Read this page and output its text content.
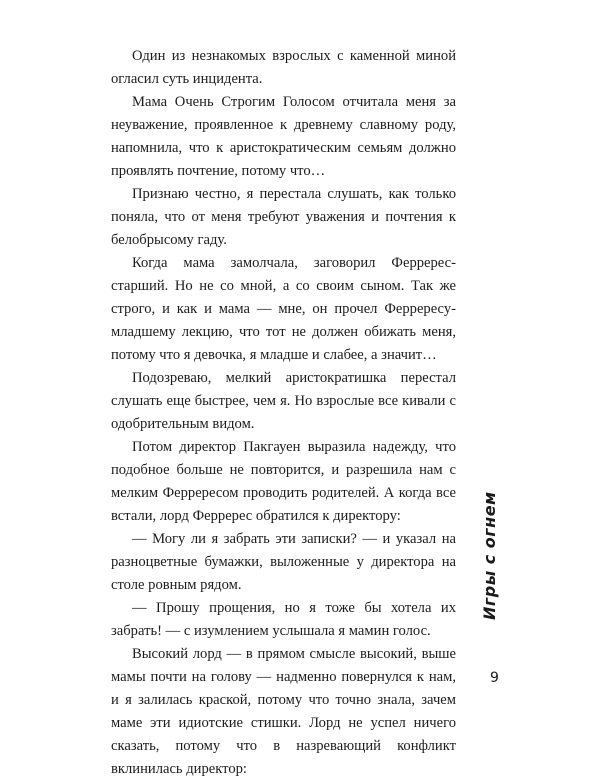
Один из незнакомых взрослых с каменной миной огласил суть инцидента.

Мама Очень Строгим Голосом отчитала меня за неуважение, проявленное к древнему славному роду, напомнила, что к аристократическим семьям должно проявлять почтение, потому что…

Признаю честно, я перестала слушать, как только поняла, что от меня требуют уважения и почтения к белобрысому гаду.

Когда мама замолчала, заговорил Ферререс-старший. Но не со мной, а со своим сыном. Так же строго, и как и мама — мне, он прочел Феррересу-младшему лекцию, что тот не должен обижать меня, потому что я девочка, я младше и слабее, а значит…

Подозреваю, мелкий аристократишка перестал слушать еще быстрее, чем я. Но взрослые все кивали с одобрительным видом.

Потом директор Пакгауен выразила надежду, что подобное больше не повторится, и разрешила нам с мелким Феррересом проводить родителей. А когда все встали, лорд Ферререс обратился к директору:

— Могу ли я забрать эти записки? — и указал на разноцветные бумажки, выложенные у директора на столе ровным рядом.

— Прошу прощения, но я тоже бы хотела их забрать! — с изумлением услышала я мамин голос.

Высокий лорд — в прямом смысле высокий, выше мамы почти на голову — надменно повернулся к нам, и я залилась краской, потому что точно знала, зачем маме эти идиотские стишки. Лорд не успел ничего сказать, потому что в назревающий конфликт вклинилась директор:

Игры с огнем
9
